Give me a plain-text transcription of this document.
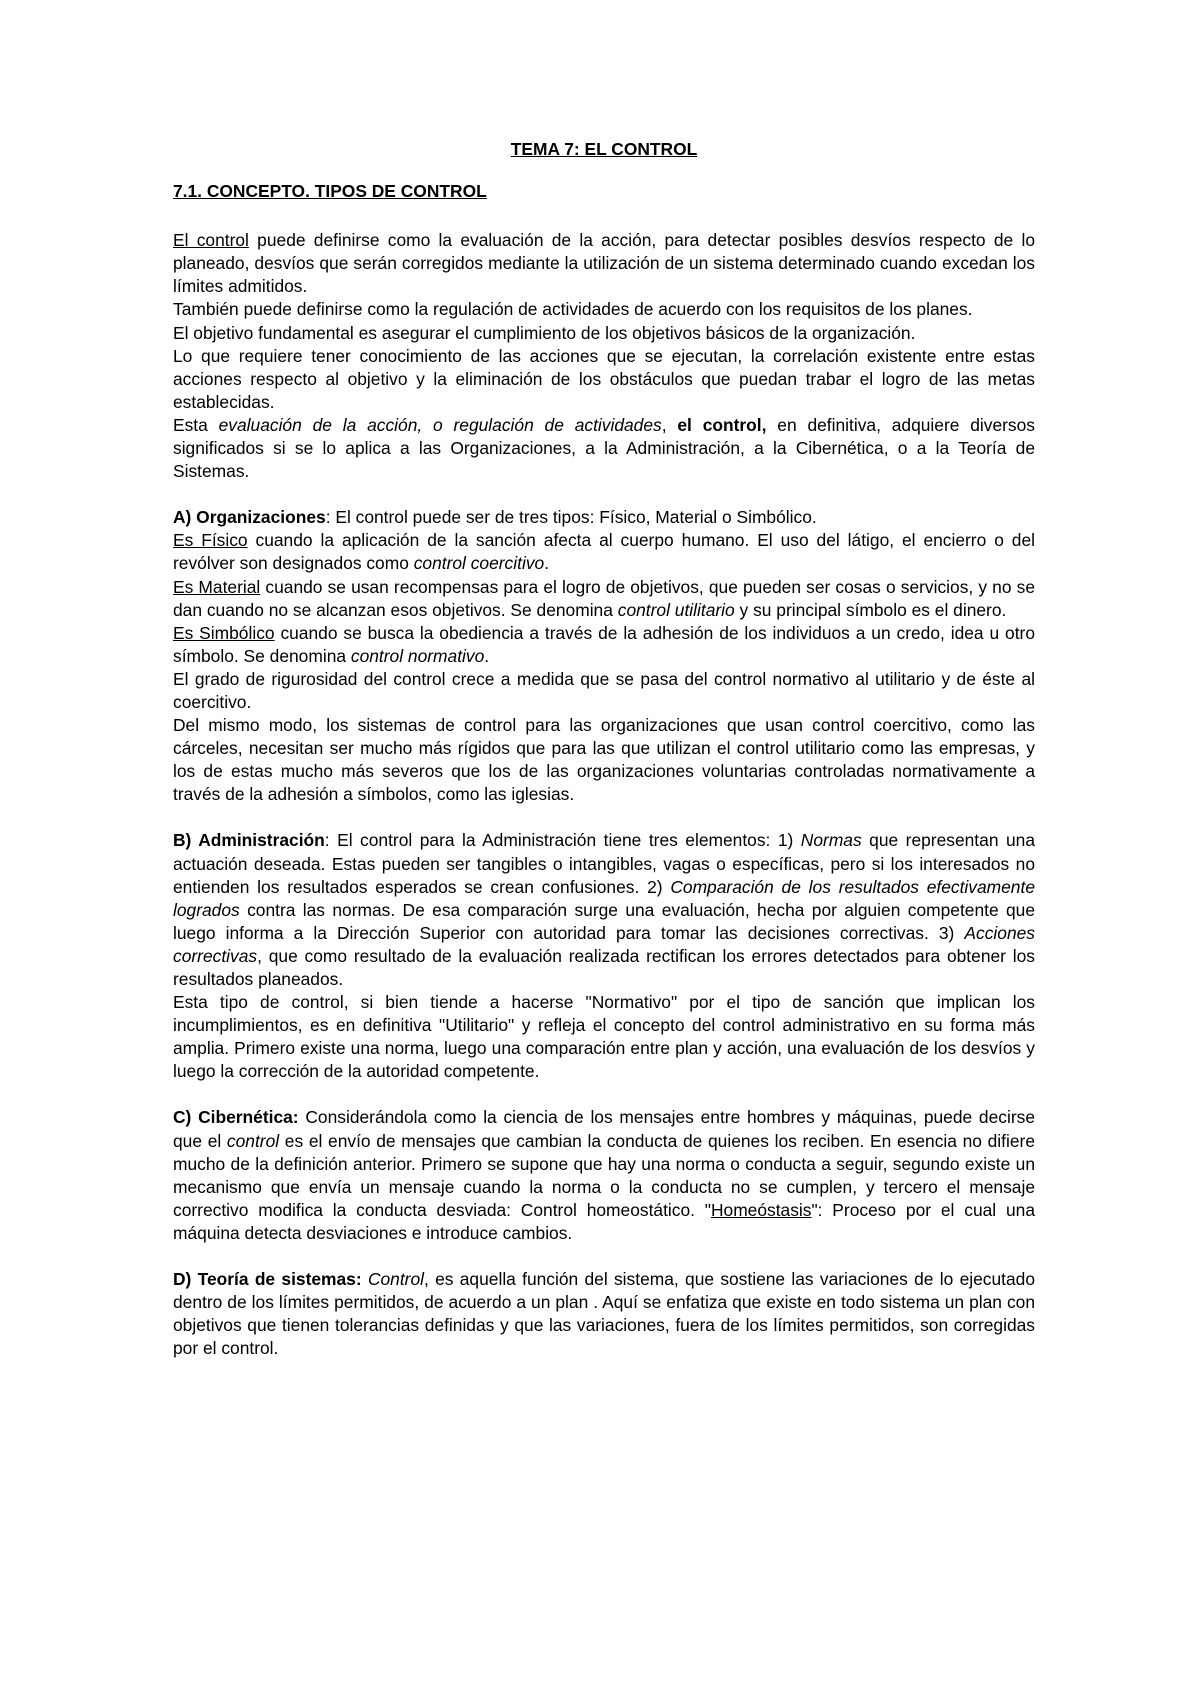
TEMA 7: EL CONTROL
7.1. CONCEPTO. TIPOS DE CONTROL

El control puede definirse como la evaluación de la acción, para detectar posibles desvíos respecto de lo planeado, desvíos que serán corregidos mediante la utilización de un sistema determinado cuando excedan los límites admitidos.

También puede definirse como la regulación de actividades de acuerdo con los requisitos de los planes.

El objetivo fundamental es asegurar el cumplimiento de los objetivos básicos de la organización.

Lo que requiere tener conocimiento de las acciones que se ejecutan, la correlación existente entre estas acciones respecto al objetivo y la eliminación de los obstáculos que puedan trabar el logro de las metas establecidas.

Esta evaluación de la acción, o regulación de actividades, el control, en definitiva, adquiere diversos significados si se lo aplica a las Organizaciones, a la Administración, a la Cibernética, o a la Teoría de Sistemas.

A) Organizaciones: El control puede ser de tres tipos: Físico, Material o Simbólico.

Es Físico cuando la aplicación de la sanción afecta al cuerpo humano. El uso del látigo, el encierro o del revólver son designados como control coercitivo.

Es Material cuando se usan recompensas para el logro de objetivos, que pueden ser cosas o servicios, y no se dan cuando no se alcanzan esos objetivos. Se denomina control utilitario y su principal símbolo es el dinero.

Es Simbólico cuando se busca la obediencia a través de la adhesión de los individuos a un credo, idea u otro símbolo. Se denomina control normativo.

El grado de rigurosidad del control crece a medida que se pasa del control normativo al utilitario y de éste al coercitivo.

Del mismo modo, los sistemas de control para las organizaciones que usan control coercitivo, como las cárceles, necesitan ser mucho más rígidos que para las que utilizan el control utilitario como las empresas, y los de estas mucho más severos que los de las organizaciones voluntarias controladas normativamente a través de la adhesión a símbolos, como las iglesias.

B) Administración: El control para la Administración tiene tres elementos: 1) Normas que representan una actuación deseada. Estas pueden ser tangibles o intangibles, vagas o específicas, pero si los interesados no entienden los resultados esperados se crean confusiones. 2) Comparación de los resultados efectivamente logrados contra las normas. De esa comparación surge una evaluación, hecha por alguien competente que luego informa a la Dirección Superior con autoridad para tomar las decisiones correctivas. 3) Acciones correctivas, que como resultado de la evaluación realizada rectifican los errores detectados para obtener los resultados planeados.

Esta tipo de control, si bien tiende a hacerse "Normativo" por el tipo de sanción que implican los incumplimientos, es en definitiva "Utilitario" y refleja el concepto del control administrativo en su forma más amplia. Primero existe una norma, luego una comparación entre plan y acción, una evaluación de los desvíos y luego la corrección de la autoridad competente.

C) Cibernética: Considerándola como la ciencia de los mensajes entre hombres y máquinas, puede decirse que el control es el envío de mensajes que cambian la conducta de quienes los reciben. En esencia no difiere mucho de la definición anterior. Primero se supone que hay una norma o conducta a seguir, segundo existe un mecanismo que envía un mensaje cuando la norma o la conducta no se cumplen, y tercero el mensaje correctivo modifica la conducta desviada: Control homeostático. "Homeóstasis": Proceso por el cual una máquina detecta desviaciones e introduce cambios.

D) Teoría de sistemas: Control, es aquella función del sistema, que sostiene las variaciones de lo ejecutado dentro de los límites permitidos, de acuerdo a un plan . Aquí se enfatiza que existe en todo sistema un plan con objetivos que tienen tolerancias definidas y que las variaciones, fuera de los límites permitidos, son corregidas por el control.
